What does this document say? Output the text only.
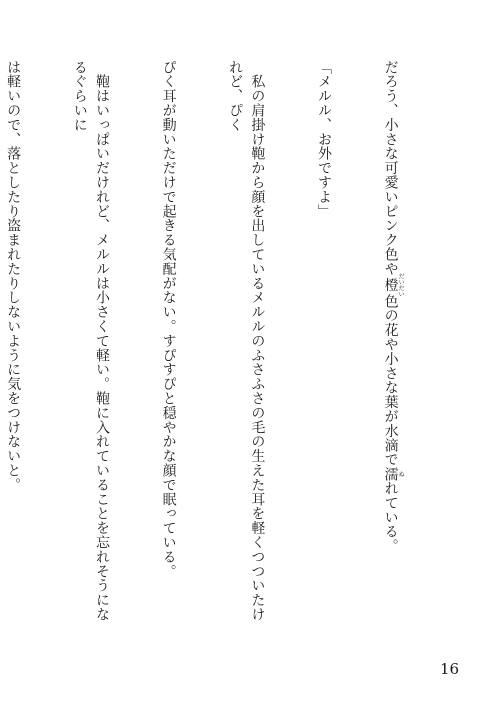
だろう、小さな可愛いピンク色や橙だいだい色の花や小さな葉が水滴で濡ぬれている。

「メルル、お外ですよ」

　私の肩掛け鞄から顔を出しているメルルのふさふさの毛の生えた耳を軽くつついたけれど、ぴく

ぴく耳が動いただけで起きる気配がない。すぴすぴと穏やかな顔で眠っている。

　鞄はいっぱいだけれど、メルルは小さくて軽い。鞄に入れていることを忘れそうになるぐらいに

は軽いので、落としたり盗まれたりしないように気をつけないと。

16
